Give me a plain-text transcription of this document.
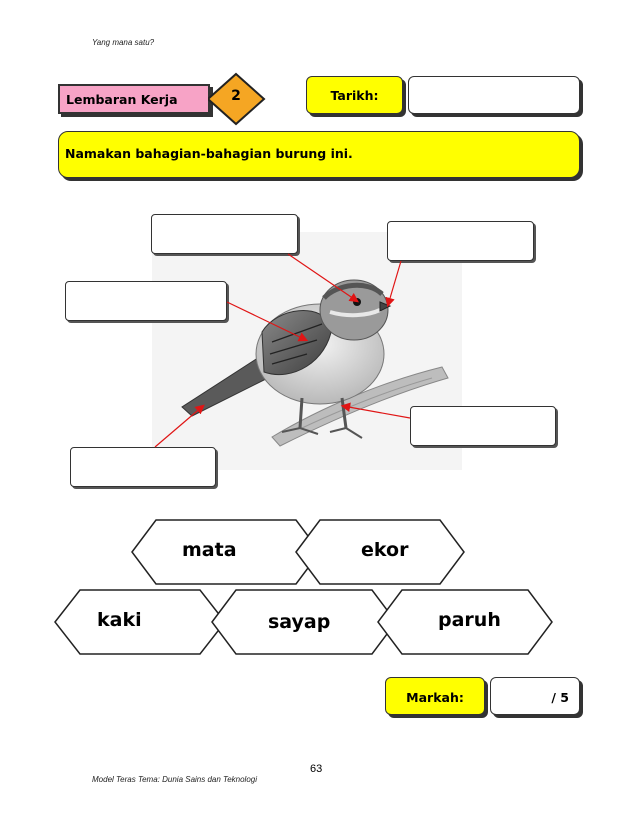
Yang mana satu?
Lembaran Kerja	2	Tarikh:
Namakan bahagian-bahagian burung ini.
mata	ekor
kaki	sayap	paruh
Markah:	/ 5
63
Model Teras Tema: Dunia Sains dan Teknologi
